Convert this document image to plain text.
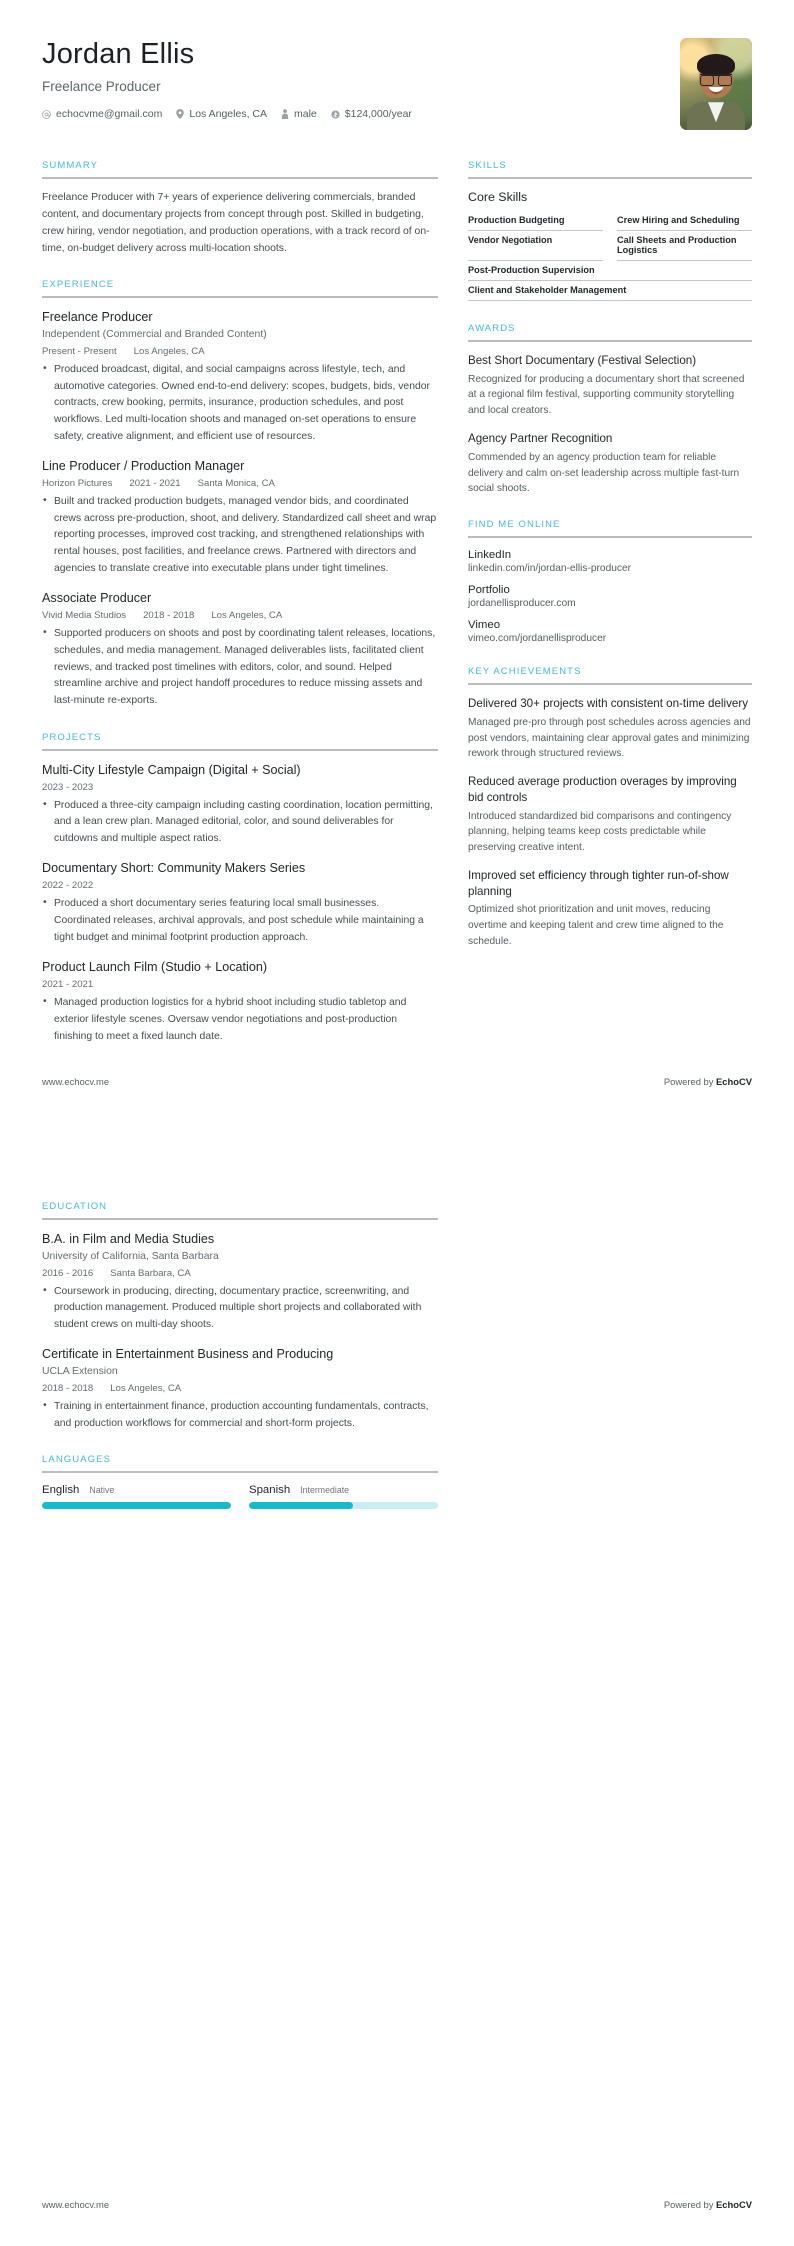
Jordan Ellis
Freelance Producer
echocvme@gmail.com	Los Angeles, CA	male	$124,000/year
SUMMARY
Freelance Producer with 7+ years of experience delivering commercials, branded content, and documentary projects from concept through post. Skilled in budgeting, crew hiring, vendor negotiation, and production operations, with a track record of on-time, on-budget delivery across multi-location shoots.
EXPERIENCE
Freelance Producer
Independent (Commercial and Branded Content)
Present - Present Los Angeles, CA
• Produced broadcast, digital, and social campaigns across lifestyle, tech, and automotive categories. Owned end-to-end delivery: scopes, budgets, bids, vendor contracts, crew booking, permits, insurance, production schedules, and post workflows. Led multi-location shoots and managed on-set operations to ensure safety, creative alignment, and efficient use of resources.
Line Producer / Production Manager
Horizon Pictures 2021 - 2021 Santa Monica, CA
• Built and tracked production budgets, managed vendor bids, and coordinated crews across pre-production, shoot, and delivery. Standardized call sheet and wrap reporting processes, improved cost tracking, and strengthened relationships with rental houses, post facilities, and freelance crews. Partnered with directors and agencies to translate creative into executable plans under tight timelines.
Associate Producer
Vivid Media Studios 2018 - 2018 Los Angeles, CA
• Supported producers on shoots and post by coordinating talent releases, locations, schedules, and media management. Managed deliverables lists, facilitated client reviews, and tracked post timelines with editors, color, and sound. Helped streamline archive and project handoff procedures to reduce missing assets and last-minute re-exports.
PROJECTS
Multi-City Lifestyle Campaign (Digital + Social)
2023 - 2023
• Produced a three-city campaign including casting coordination, location permitting, and a lean crew plan. Managed editorial, color, and sound deliverables for cutdowns and multiple aspect ratios.
Documentary Short: Community Makers Series
2022 - 2022
• Produced a short documentary series featuring local small businesses. Coordinated releases, archival approvals, and post schedule while maintaining a tight budget and minimal footprint production approach.
Product Launch Film (Studio + Location)
2021 - 2021
• Managed production logistics for a hybrid shoot including studio tabletop and exterior lifestyle scenes. Oversaw vendor negotiations and post-production finishing to meet a fixed launch date.
SKILLS
Core Skills
Production Budgeting	Crew Hiring and Scheduling
Vendor Negotiation	Call Sheets and Production Logistics
Post-Production Supervision
Client and Stakeholder Management
AWARDS
Best Short Documentary (Festival Selection)
Recognized for producing a documentary short that screened at a regional film festival, supporting community storytelling and local creators.
Agency Partner Recognition
Commended by an agency production team for reliable delivery and calm on-set leadership across multiple fast-turn social shoots.
FIND ME ONLINE
LinkedIn
linkedin.com/in/jordan-ellis-producer
Portfolio
jordanellisproducer.com
Vimeo
vimeo.com/jordanellisproducer
KEY ACHIEVEMENTS
Delivered 30+ projects with consistent on-time delivery
Managed pre-pro through post schedules across agencies and post vendors, maintaining clear approval gates and minimizing rework through structured reviews.
Reduced average production overages by improving bid controls
Introduced standardized bid comparisons and contingency planning, helping teams keep costs predictable while preserving creative intent.
Improved set efficiency through tighter run-of-show planning
Optimized shot prioritization and unit moves, reducing overtime and keeping talent and crew time aligned to the schedule.
www.echocv.me	Powered by EchoCV
EDUCATION
B.A. in Film and Media Studies
University of California, Santa Barbara
2016 - 2016 Santa Barbara, CA
• Coursework in producing, directing, documentary practice, screenwriting, and production management. Produced multiple short projects and collaborated with student crews on multi-day shoots.
Certificate in Entertainment Business and Producing
UCLA Extension
2018 - 2018 Los Angeles, CA
• Training in entertainment finance, production accounting fundamentals, contracts, and production workflows for commercial and short-form projects.
LANGUAGES
English Native	Spanish Intermediate
www.echocv.me	Powered by EchoCV
